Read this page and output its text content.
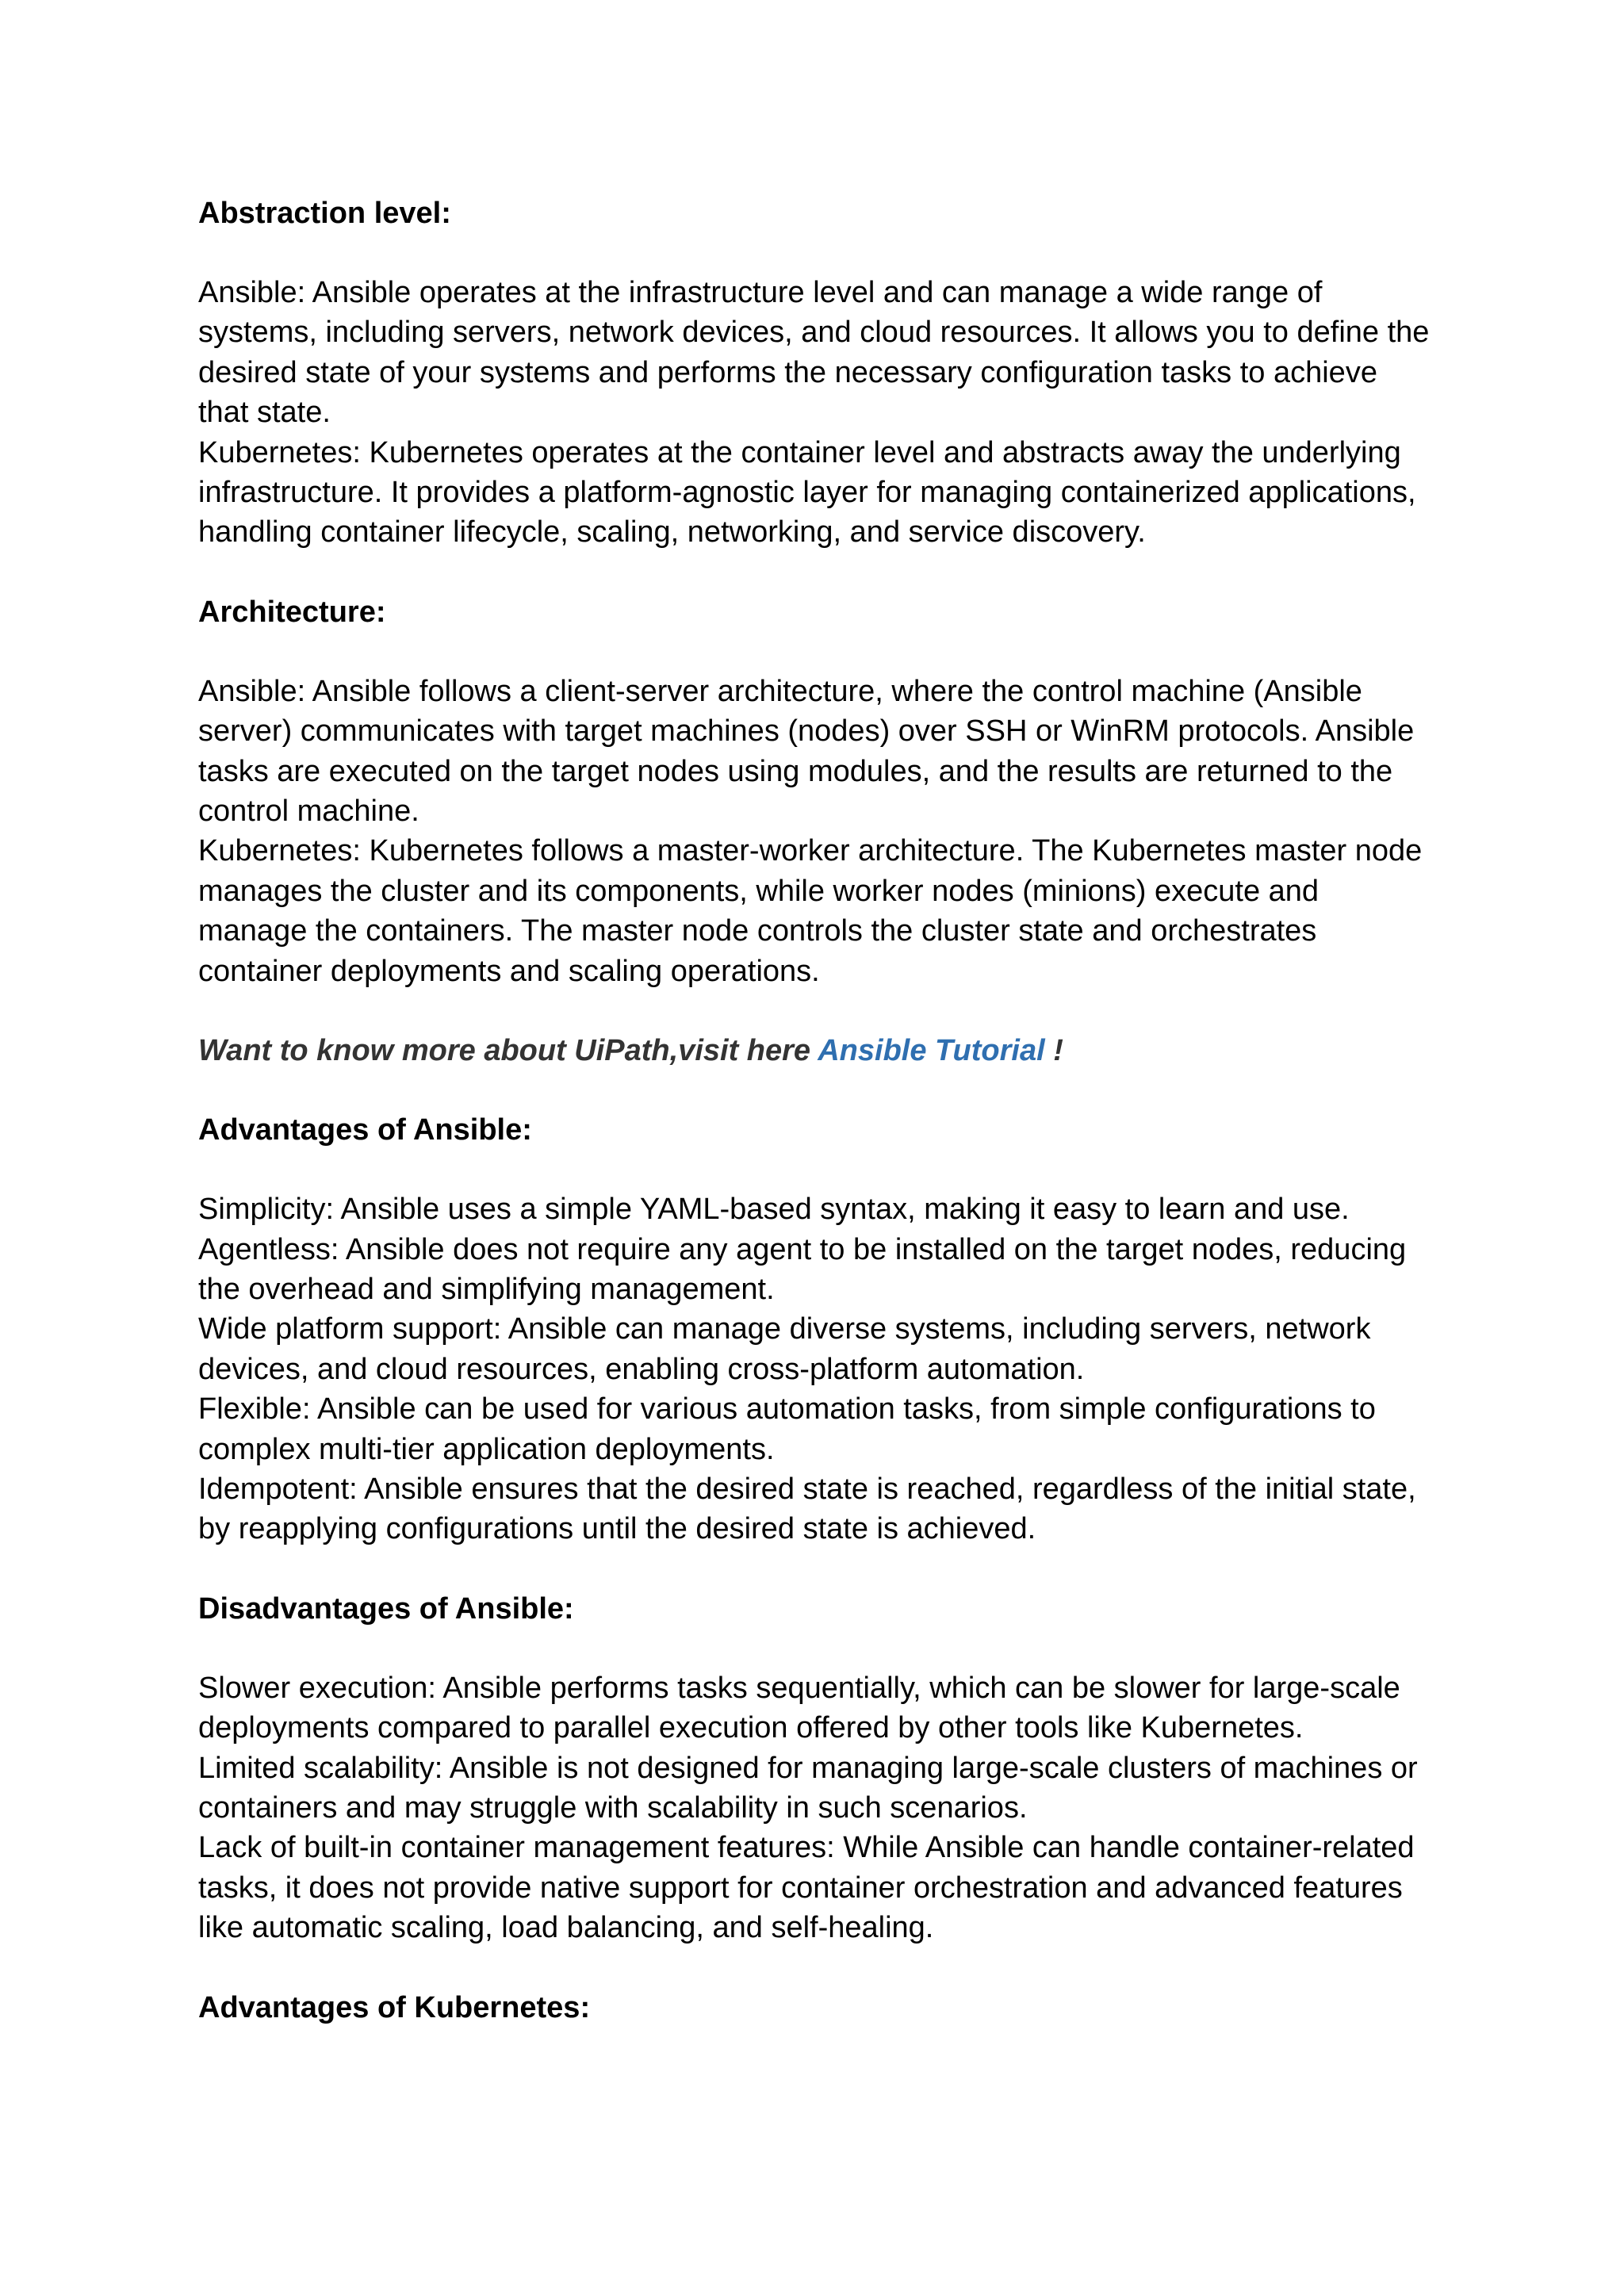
Abstraction level:

Ansible: Ansible operates at the infrastructure level and can manage a wide range of systems, including servers, network devices, and cloud resources. It allows you to define the desired state of your systems and performs the necessary configuration tasks to achieve that state.

Kubernetes: Kubernetes operates at the container level and abstracts away the underlying infrastructure. It provides a platform-agnostic layer for managing containerized applications, handling container lifecycle, scaling, networking, and service discovery.

Architecture:

Ansible: Ansible follows a client-server architecture, where the control machine (Ansible server) communicates with target machines (nodes) over SSH or WinRM protocols. Ansible tasks are executed on the target nodes using modules, and the results are returned to the control machine.

Kubernetes: Kubernetes follows a master-worker architecture. The Kubernetes master node manages the cluster and its components, while worker nodes (minions) execute and manage the containers. The master node controls the cluster state and orchestrates container deployments and scaling operations.

Want to know more about UiPath,visit here Ansible Tutorial !

Advantages of Ansible:

Simplicity: Ansible uses a simple YAML-based syntax, making it easy to learn and use.

Agentless: Ansible does not require any agent to be installed on the target nodes, reducing the overhead and simplifying management.

Wide platform support: Ansible can manage diverse systems, including servers, network devices, and cloud resources, enabling cross-platform automation.

Flexible: Ansible can be used for various automation tasks, from simple configurations to complex multi-tier application deployments.

Idempotent: Ansible ensures that the desired state is reached, regardless of the initial state, by reapplying configurations until the desired state is achieved.

Disadvantages of Ansible:

Slower execution: Ansible performs tasks sequentially, which can be slower for large-scale deployments compared to parallel execution offered by other tools like Kubernetes.

Limited scalability: Ansible is not designed for managing large-scale clusters of machines or containers and may struggle with scalability in such scenarios.

Lack of built-in container management features: While Ansible can handle container-related tasks, it does not provide native support for container orchestration and advanced features like automatic scaling, load balancing, and self-healing.

Advantages of Kubernetes:
